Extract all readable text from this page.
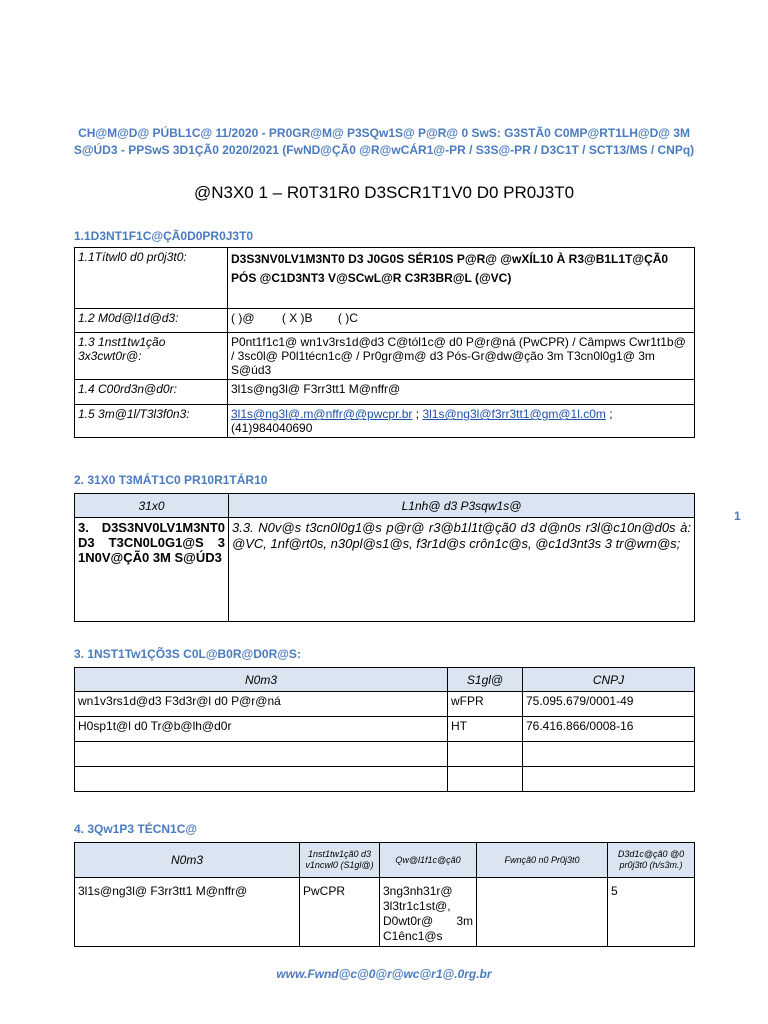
CH@M@D@ PÚBL1C@ 11/2020 - PR0GR@M@ P3SQw1S@ P@R@ 0 SwS: G3STÃ0 C0MP@RT1LH@D@ 3M
S@ÚD3 - PPSwS 3D1ÇÃ0 2020/2021 (FwND@ÇÃ0 @R@wCÁR1@-PR / S3S@-PR / D3C1T / SCT13/MS / CNPq)
@N3X0 1 – R0T31R0 D3SCR1T1V0 D0 PR0J3T0
1.1D3NT1F1C@ÇÃ0D0PR0J3T0
1.1Títwl0 d0 pr0j3t0:	D3S3NV0LV1M3NT0 D3 J0G0S SÉR10S P@R@ @wXÍL10 À R3@B1L1T@ÇÃ0 PÓS @C1D3NT3 V@SCwL@R C3R3BR@L (@VC)
1.2 M0d@l1d@d3:	( )@ ( X )B ( )C
1.3 1nst1tw1ção 3x3cwt0r@:	P0nt1f1c1@ wn1v3rs1d@d3 C@tól1c@ d0 P@r@ná (PwCPR) / Câmpws Cwr1t1b@ / 3sc0l@ P0l1técn1c@ / Pr0gr@m@ d3 Pós-Gr@dw@ção 3m T3cn0l0g1@ 3m S@úd3
1.4 C00rd3n@d0r:	3l1s@ng3l@ F3rr3tt1 M@nffr@
1.5 3m@1l/T3l3f0n3:	3l1s@ng3l@.m@nffr@@pwcpr.br ; 3l1s@ng3l@f3rr3tt1@gm@1l.c0m ; (41)984040690
2. 31X0 T3MÁT1C0 PR10R1TÁR10
31x0	L1nh@ d3 P3sqw1s@
3. D3S3NV0LV1M3NT0 D3 T3CN0L0G1@S 3 1N0V@ÇÃ0 3M S@ÚD3	3.3. N0v@s t3cn0l0g1@s p@r@ r3@b1l1t@çã0 d3 d@n0s r3l@c10n@d0s à: @VC, 1nf@rt0s, n30pl@s1@s, f3r1d@s crôn1c@s, @c1d3nt3s 3 tr@wm@s;
1
3. 1NST1Tw1ÇÕ3S C0L@B0R@D0R@S:
N0m3	S1gl@	CNPJ
wn1v3rs1d@d3 F3d3r@l d0 P@r@ná	wFPR	75.095.679/0001-49
H0sp1t@l d0 Tr@b@lh@d0r	HT	76.416.866/0008-16

4. 3Qw1P3 TÉCN1C@
N0m3	1nst1tw1çã0 d3 v1ncwl0 (S1gl@)	Qw@l1f1c@çã0	Fwnçã0 n0 Pr0j3t0	D3d1c@çã0 @0 pr0j3t0 (h/s3m.)
3l1s@ng3l@ F3rr3tt1 M@nffr@	PwCPR	3ng3nh31r@ 3l3tr1c1st@, D0wt0r@ 3m C1ênc1@s		5
www.Fwnd@c@0@r@wc@r1@.0rg.br
